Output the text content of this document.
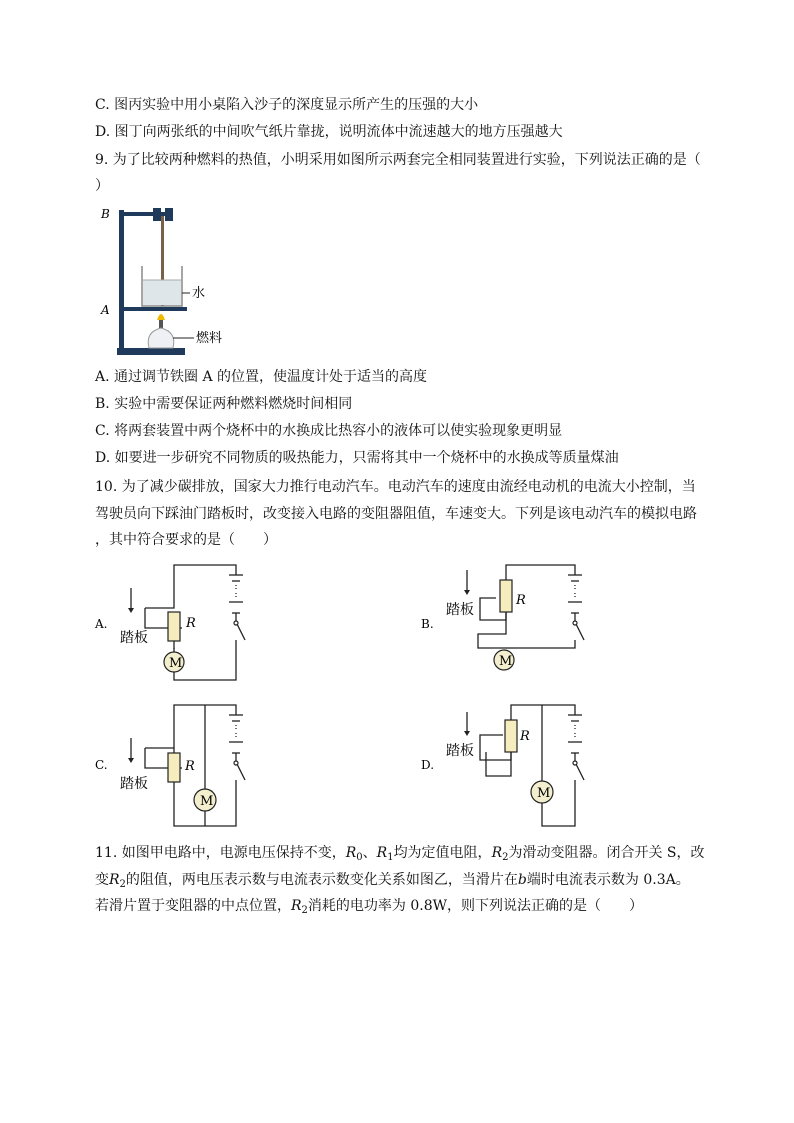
C. 图丙实验中用小桌陷入沙子的深度显示所产生的压强的大小
D. 图丁向两张纸的中间吹气纸片靠拢，说明流体中流速越大的地方压强越大
9. 为了比较两种燃料的热值，小明采用如图所示两套完全相同装置进行实验，下列说法正确的是（
）
B
A
水
燃料
A. 通过调节铁圈 A 的位置，使温度计处于适当的高度
B. 实验中需要保证两种燃料燃烧时间相同
C. 将两套装置中两个烧杯中的水换成比热容小的液体可以使实验现象更明显
D. 如要进一步研究不同物质的吸热能力，只需将其中一个烧杯中的水换成等质量煤油
10. 为了减少碳排放，国家大力推行电动汽车。电动汽车的速度由流经电动机的电流大小控制，当
驾驶员向下踩油门踏板时，改变接入电路的变阻器阻值，车速变大。下列是该电动汽车的模拟电路
，其中符合要求的是（　　）
M
R
踏板
A.
M
R
踏板
B.
M
R
踏板
C.
M
R
踏板
D.
11. 如图甲电路中，电源电压保持不变，$R_0$、$R_1$均为定值电阻，$R_2$为滑动变阻器。闭合开关 S，改
变$R_2$的阻值，两电压表示数与电流表示数变化关系如图乙，当滑片在b端时电流表示数为 0.3A。
若滑片置于变阻器的中点位置，$R_2$消耗的电功率为 0.8W，则下列说法正确的是（　　）
